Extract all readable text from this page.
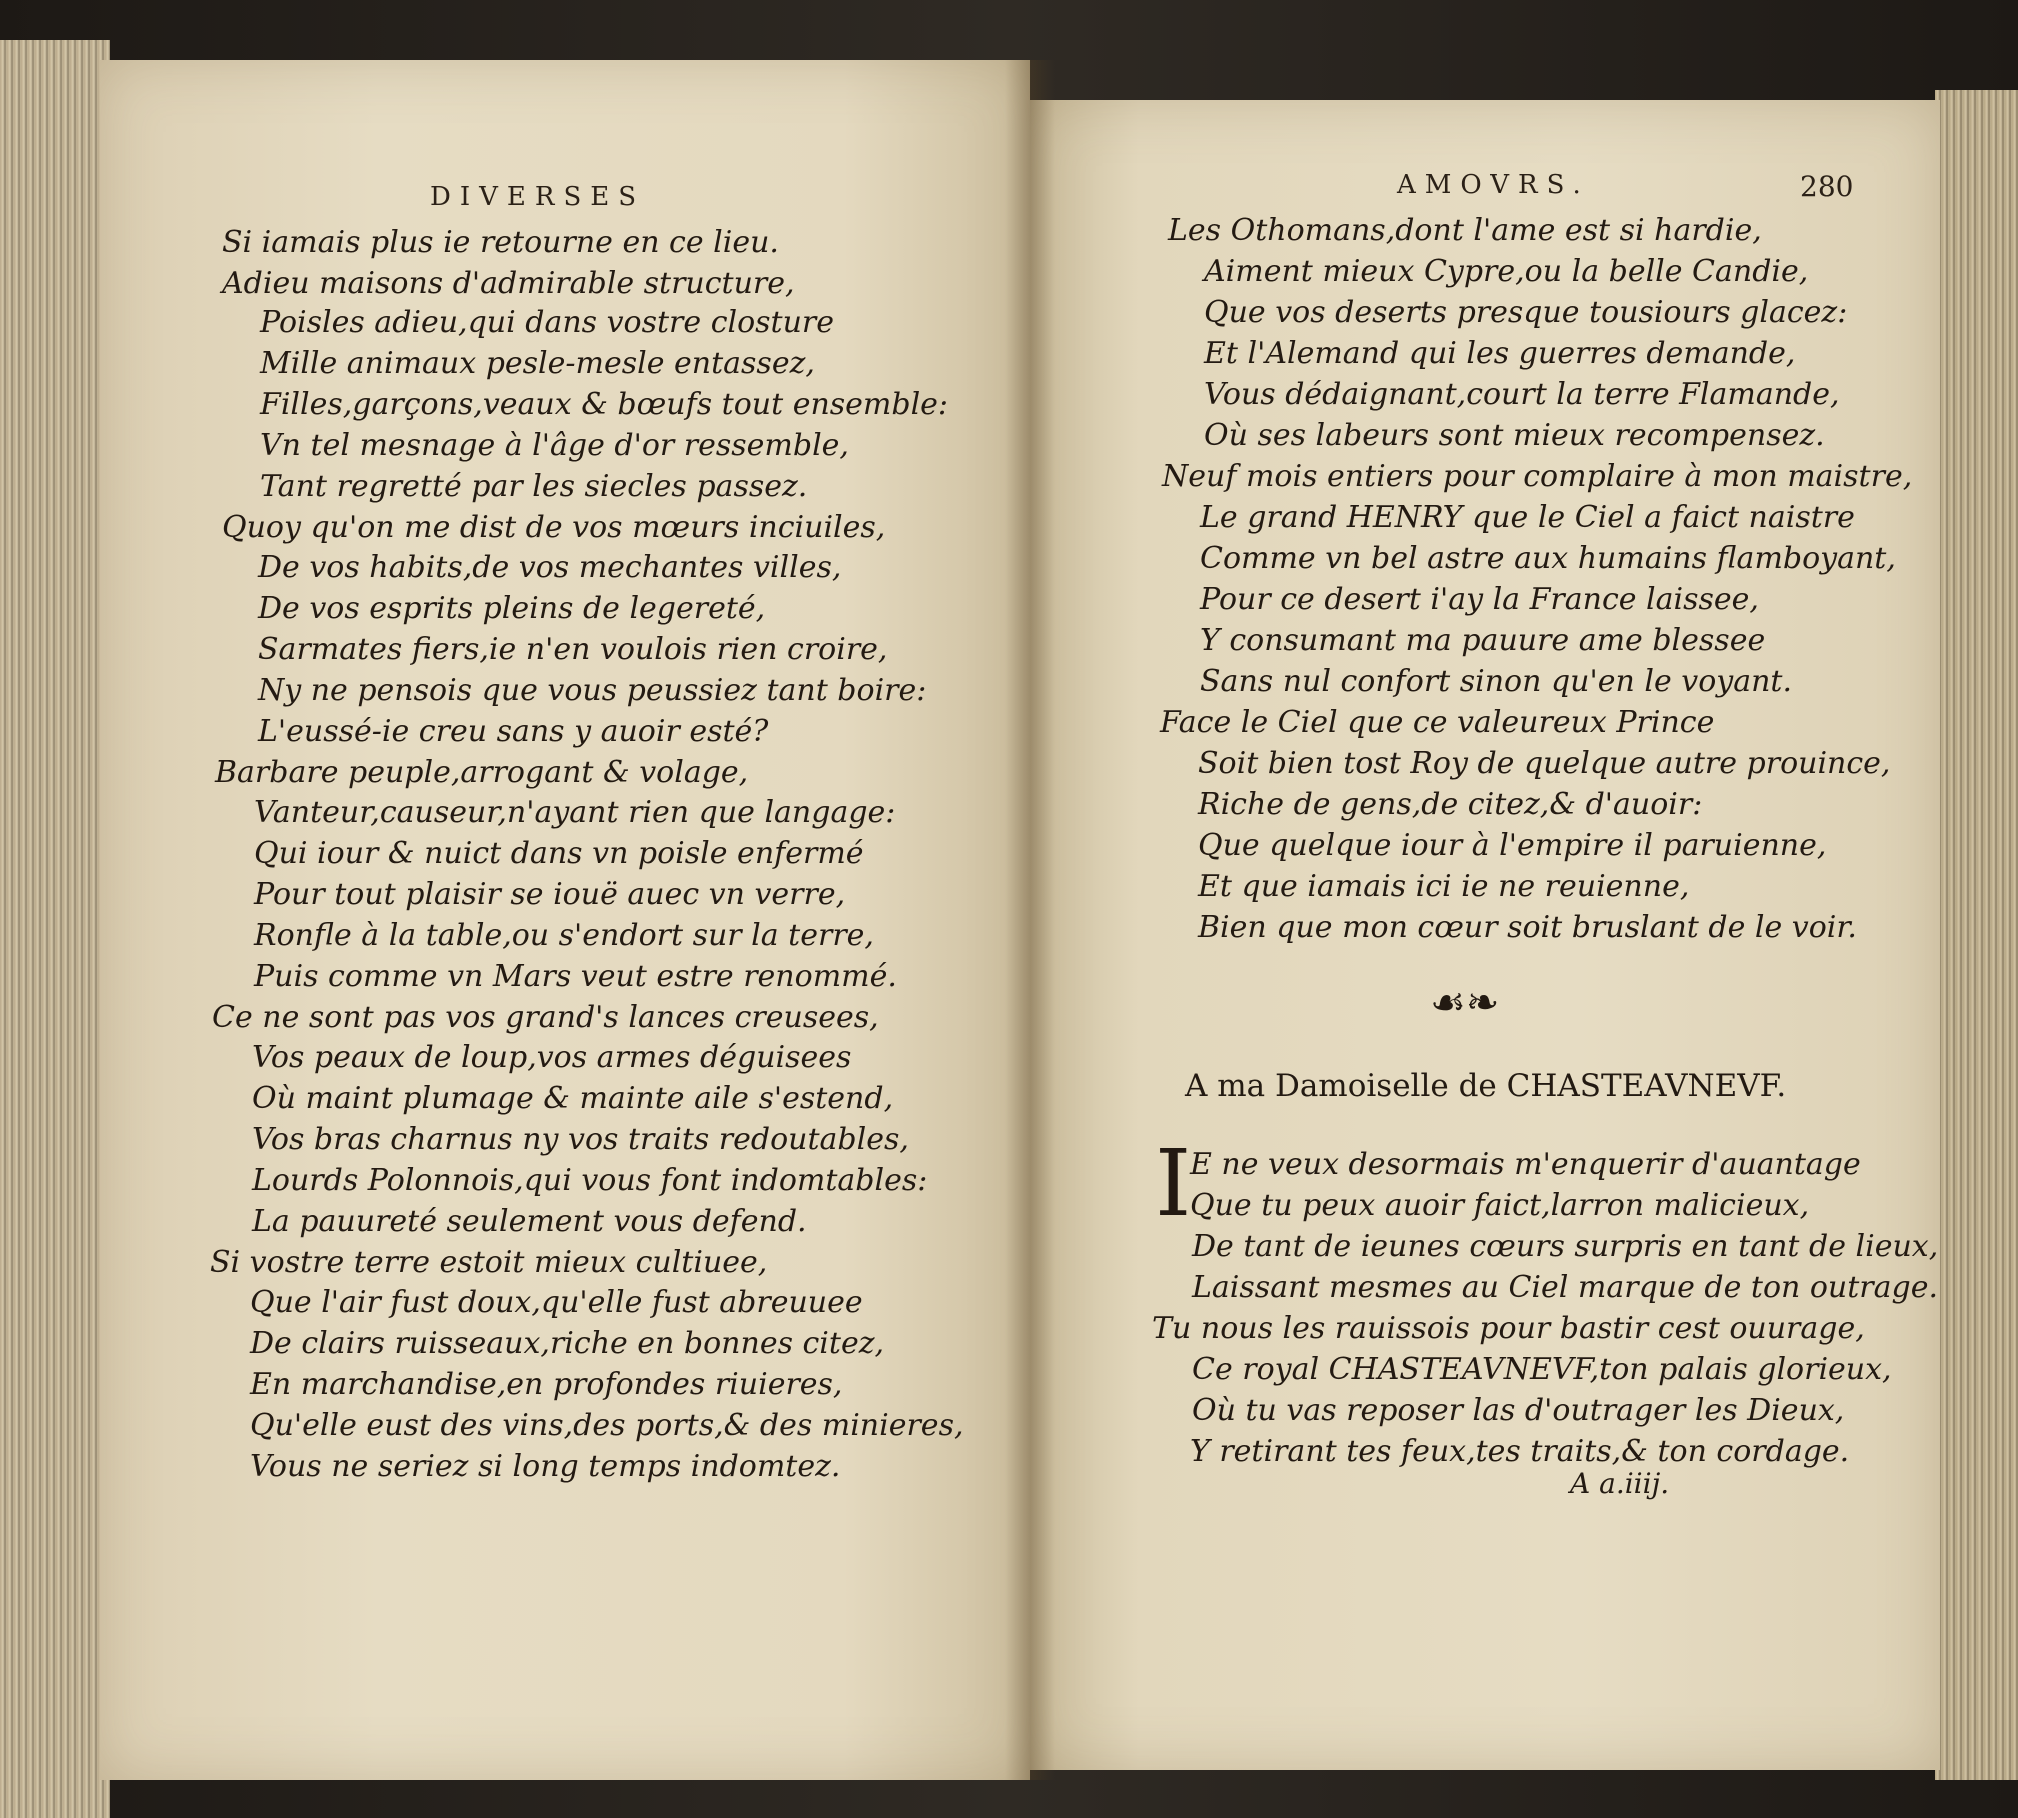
DIVERSES
Si iamais plus ie retourne en ce lieu.
Adieu maisons d'admirable structure,
Poisles adieu,qui dans vostre closture
Mille animaux pesle-mesle entassez,
Filles,garçons,veaux & bœufs tout ensemble:
Vn tel mesnage à l'âge d'or ressemble,
Tant regretté par les siecles passez.
Quoy qu'on me dist de vos mœurs inciuiles,
De vos habits,de vos mechantes villes,
De vos esprits pleins de legereté,
Sarmates fiers,ie n'en voulois rien croire,
Ny ne pensois que vous peussiez tant boire:
L'eussé-ie creu sans y auoir esté?
Barbare peuple,arrogant & volage,
Vanteur,causeur,n'ayant rien que langage:
Qui iour & nuict dans vn poisle enfermé
Pour tout plaisir se iouë auec vn verre,
Ronfle à la table,ou s'endort sur la terre,
Puis comme vn Mars veut estre renommé.
Ce ne sont pas vos grand's lances creusees,
Vos peaux de loup,vos armes déguisees
Où maint plumage & mainte aile s'estend,
Vos bras charnus ny vos traits redoutables,
Lourds Polonnois,qui vous font indomtables:
La pauureté seulement vous defend.
Si vostre terre estoit mieux cultiuee,
Que l'air fust doux,qu'elle fust abreuuee
De clairs ruisseaux,riche en bonnes citez,
En marchandise,en profondes riuieres,
Qu'elle eust des vins,des ports,& des minieres,
Vous ne seriez si long temps indomtez.
AMOVRS.	280
Les Othomans,dont l'ame est si hardie,
Aiment mieux Cypre,ou la belle Candie,
Que vos deserts presque tousiours glacez:
Et l'Alemand qui les guerres demande,
Vous dédaignant,court la terre Flamande,
Où ses labeurs sont mieux recompensez.
Neuf mois entiers pour complaire à mon maistre,
Le grand HENRY que le Ciel a faict naistre
Comme vn bel astre aux humains flamboyant,
Pour ce desert i'ay la France laissee,
Y consumant ma pauure ame blessee
Sans nul confort sinon qu'en le voyant.
Face le Ciel que ce valeureux Prince
Soit bien tost Roy de quelque autre prouince,
Riche de gens,de citez,& d'auoir:
Que quelque iour à l'empire il paruienne,
Et que iamais ici ie ne reuienne,
Bien que mon cœur soit bruslant de le voir.
☙❧
A ma Damoiselle de CHASTEAVNEVF.
I
E ne veux desormais m'enquerir d'auantage
Que tu peux auoir faict,larron malicieux,
De tant de ieunes cœurs surpris en tant de lieux,
Laissant mesmes au Ciel marque de ton outrage.
Tu nous les rauissois pour bastir cest ouurage,
Ce royal CHASTEAVNEVF,ton palais glorieux,
Où tu vas reposer las d'outrager les Dieux,
Y retirant tes feux,tes traits,& ton cordage.
A a.iiij.
